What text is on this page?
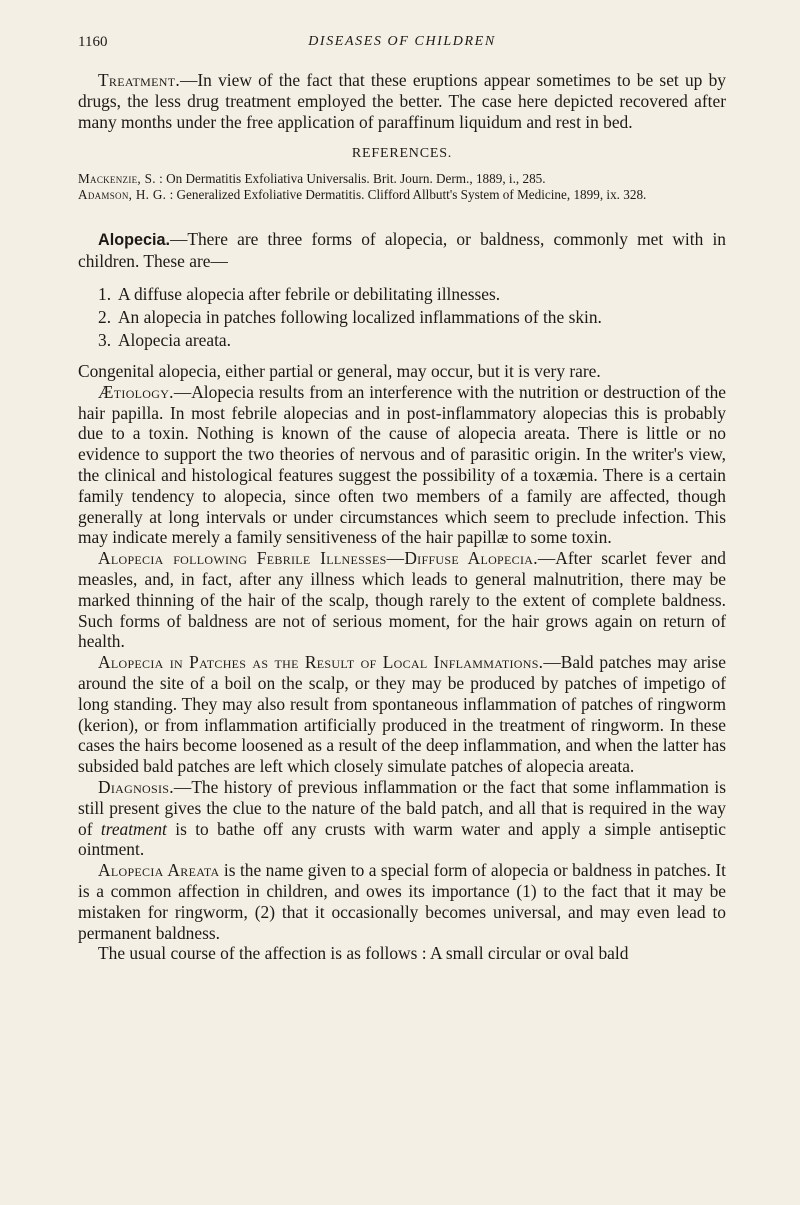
1160	DISEASES OF CHILDREN

Treatment.—In view of the fact that these eruptions appear sometimes to be set up by drugs, the less drug treatment employed the better. The case here depicted recovered after many months under the free application of paraffinum liquidum and rest in bed.

REFERENCES.

Mackenzie, S. : On Dermatitis Exfoliativa Universalis. Brit. Journ. Derm., 1889, i., 285.

Adamson, H. G. : Generalized Exfoliative Dermatitis. Clifford Allbutt's System of Medicine, 1899, ix. 328.

Alopecia.—There are three forms of alopecia, or baldness, commonly met with in children. These are—

1. A diffuse alopecia after febrile or debilitating illnesses.
2. An alopecia in patches following localized inflammations of the skin.
3. Alopecia areata.

Congenital alopecia, either partial or general, may occur, but it is very rare.

Ætiology.—Alopecia results from an interference with the nutrition or destruction of the hair papilla. In most febrile alopecias and in post-inflammatory alopecias this is probably due to a toxin. Nothing is known of the cause of alopecia areata. There is little or no evidence to support the two theories of nervous and of parasitic origin. In the writer's view, the clinical and histological features suggest the possibility of a toxæmia. There is a certain family tendency to alopecia, since often two members of a family are affected, though generally at long intervals or under circumstances which seem to preclude infection. This may indicate merely a family sensitiveness of the hair papillæ to some toxin.

Alopecia following Febrile Illnesses—Diffuse Alopecia.—After scarlet fever and measles, and, in fact, after any illness which leads to general malnutrition, there may be marked thinning of the hair of the scalp, though rarely to the extent of complete baldness. Such forms of baldness are not of serious moment, for the hair grows again on return of health.

Alopecia in Patches as the Result of Local Inflammations.—Bald patches may arise around the site of a boil on the scalp, or they may be produced by patches of impetigo of long standing. They may also result from spontaneous inflammation of patches of ringworm (kerion), or from inflammation artificially produced in the treatment of ringworm. In these cases the hairs become loosened as a result of the deep inflammation, and when the latter has subsided bald patches are left which closely simulate patches of alopecia areata.

Diagnosis.—The history of previous inflammation or the fact that some inflammation is still present gives the clue to the nature of the bald patch, and all that is required in the way of treatment is to bathe off any crusts with warm water and apply a simple antiseptic ointment.

Alopecia Areata is the name given to a special form of alopecia or baldness in patches. It is a common affection in children, and owes its importance (1) to the fact that it may be mistaken for ringworm, (2) that it occasionally becomes universal, and may even lead to permanent baldness.

The usual course of the affection is as follows : A small circular or oval bald
